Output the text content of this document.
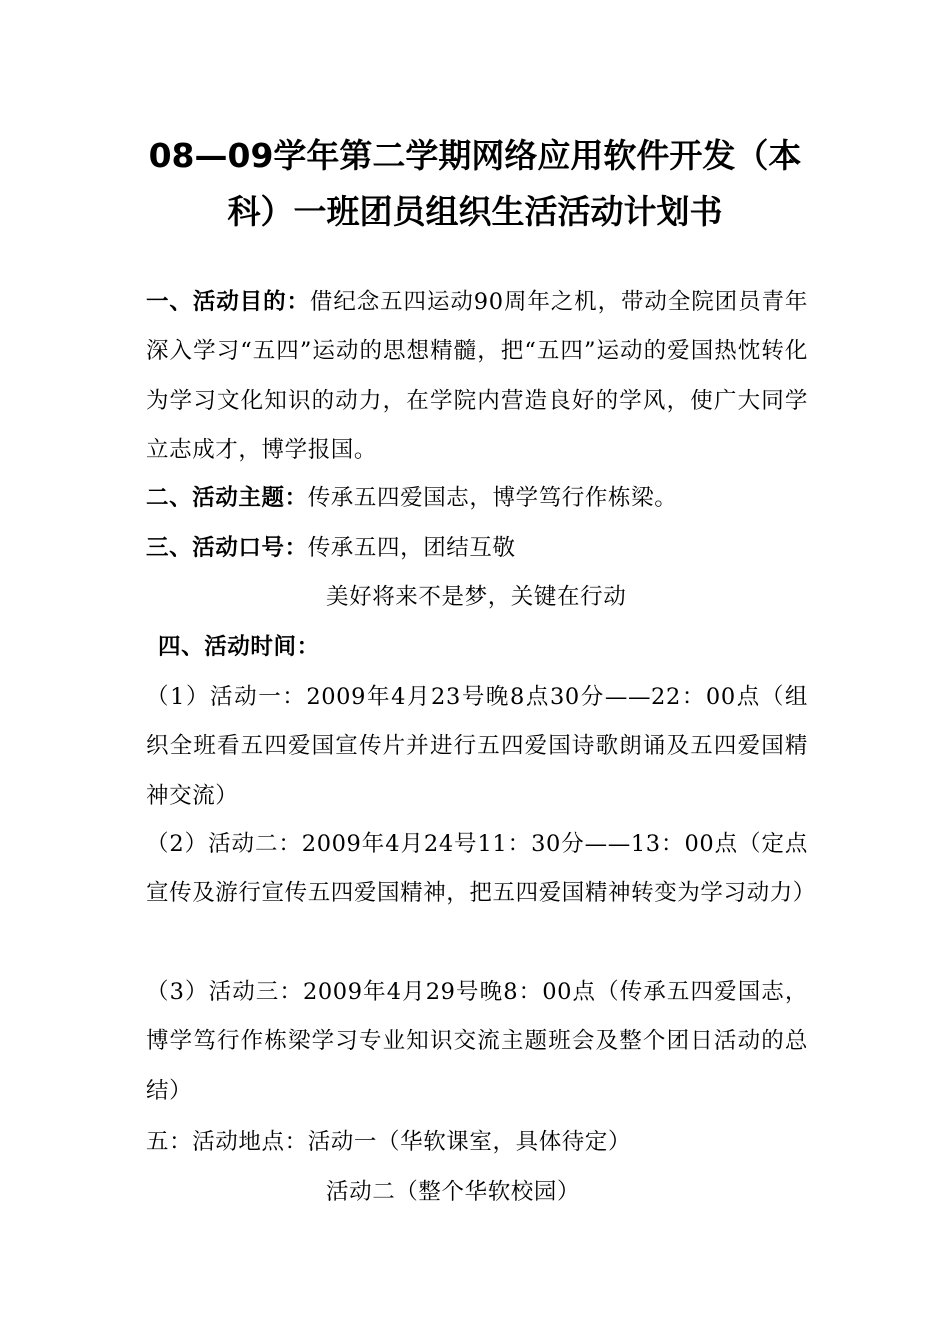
08—09学年第二学期网络应用软件开发（本科）一班团员组织生活活动计划书
一、活动目的：借纪念五四运动90周年之机，带动全院团员青年深入学习“五四”运动的思想精髓，把“五四”运动的爱国热忱转化为学习文化知识的动力，在学院内营造良好的学风，使广大同学立志成才，博学报国。
二、活动主题：传承五四爱国志，博学笃行作栋梁。
三、活动口号：传承五四，团结互敬
美好将来不是梦，关键在行动
四、活动时间：
（1）活动一：2009年4月23号晚8点30分——22：00点（组织全班看五四爱国宣传片并进行五四爱国诗歌朗诵及五四爱国精神交流）
（2）活动二：2009年4月24号11：30分——13：00点（定点宣传及游行宣传五四爱国精神，把五四爱国精神转变为学习动力）
（3）活动三：2009年4月29号晚8：00点（传承五四爱国志，博学笃行作栋梁学习专业知识交流主题班会及整个团日活动的总结）
五：活动地点：活动一（华软课室，具体待定）
活动二（整个华软校园）
